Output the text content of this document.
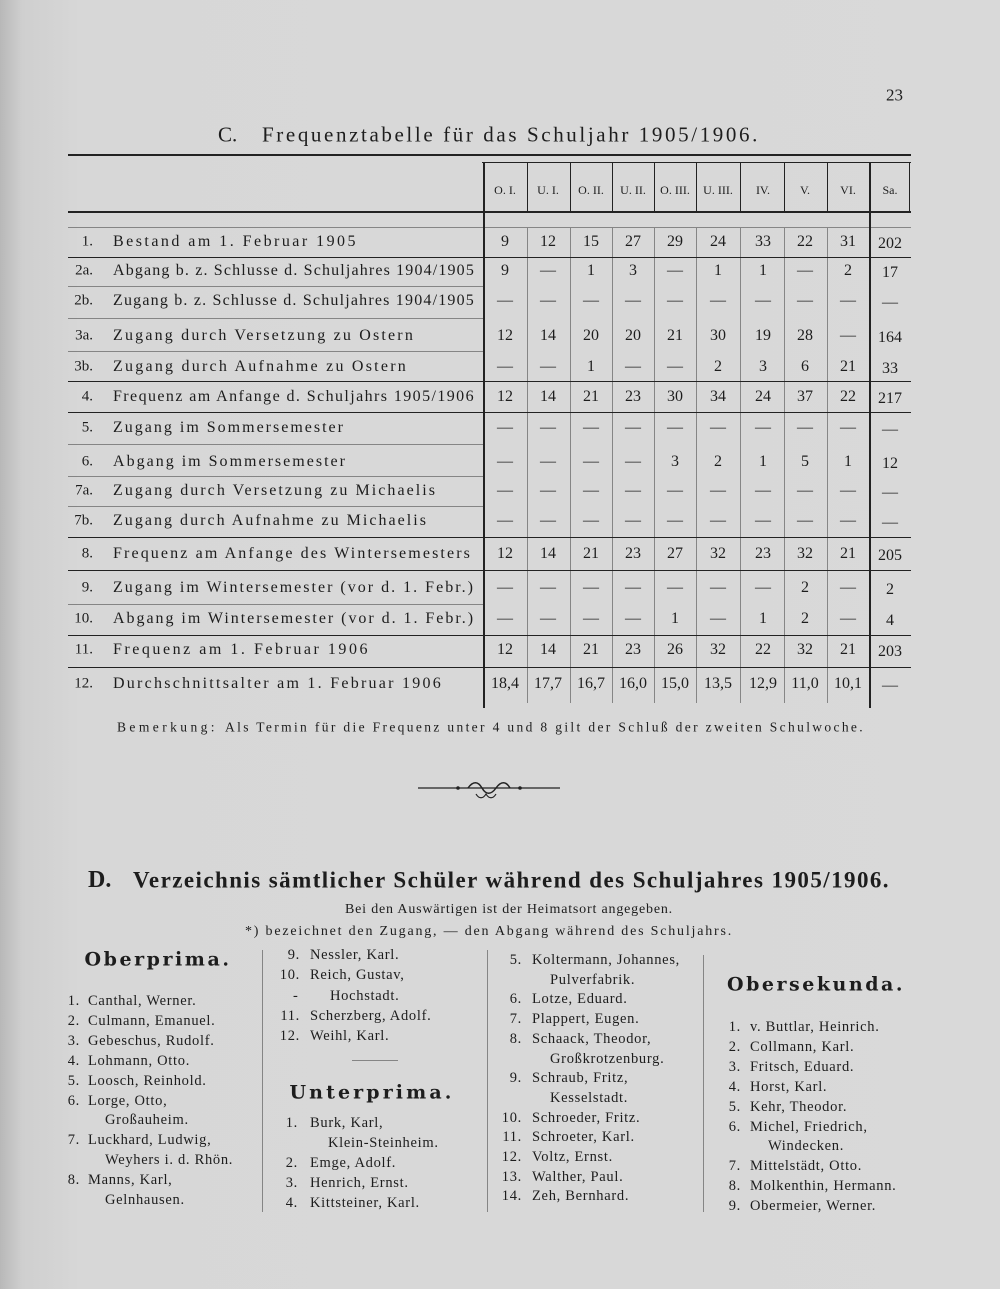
23
C. Frequenztabelle für das Schuljahr 1905/1906.
O. I. U. I. O. II. U. II. O. III. U. III. IV. V.	VI. Sa.
1. Bestand am 1. Februar 1905	9 12 15 27 29 24 33 22 31 202
2a. Abgang b. z. Schlusse d. Schuljahres 1904/1905 9 — 1 3 — 1 1 — 2 17
2b. Zugang b. z. Schlusse d. Schuljahres 1904/1905 — — — — — — — — — —
3a. Zugang durch Versetzung zu Ostern	12 14 20 20 21 30 19 28 — 164
3b. Zugang durch Aufnahme zu Ostern	— — 1 — — 2 3 6 21 33
4. Frequenz am Anfange d. Schuljahrs 1905/1906 12 14 21 23 30 34 24 37 22 217
5. Zugang im Sommersemester	— — — — — — — — — —
6. Abgang im Sommersemester	— — — — 3 2 1 5 1 12
7a. Zugang durch Versetzung zu Michaelis	— — — — — — — — — —
7b. Zugang durch Aufnahme zu Michaelis	— — — — — — — — — —
8. Frequenz am Anfange des Wintersemesters 12 14 21 23 27 32 23 32 21 205
9. Zugang im Wintersemester (vor d. 1. Febr.) — — — — — — — 2 — 2
10. Abgang im Wintersemester (vor d. 1. Febr.) — — — — 1 — 1 2 — 4
11. Frequenz am 1. Februar 1906	12 14 21 23 26 32 22 32 21 203
12. Durchschnittsalter am 1. Februar 1906	18,4 17,7 16,7 16,0 15,0 13,5 12,9 11,0 10,1 —
Bemerkung: Als Termin für die Frequenz unter 4 und 8 gilt der Schluß der zweiten Schulwoche.
D. Verzeichnis sämtlicher Schüler während des Schuljahres 1905/1906.
Bei den Auswärtigen ist der Heimatsort angegeben.
*) bezeichnet den Zugang, — den Abgang während des Schuljahrs.
Oberprima.
Unterprima.
Obersekunda.
1. Canthal, Werner.
2. Culmann, Emanuel.
3. Gebeschus, Rudolf.
4. Lohmann, Otto.
5. Loosch, Reinhold.
6. Lorge, Otto,
Großauheim.
7. Luckhard, Ludwig,
Weyhers i. d. Rhön.
8. Manns, Karl,
Gelnhausen.
9. Nessler, Karl.
10. Reich, Gustav,
- Hochstadt.
11. Scherzberg, Adolf.
12. Weihl, Karl.
1. Burk, Karl,
Klein-Steinheim.
2. Emge, Adolf.
3. Henrich, Ernst.
4. Kittsteiner, Karl.
5. Koltermann, Johannes,
Pulverfabrik.
6. Lotze, Eduard.
7. Plappert, Eugen.
8. Schaack, Theodor,
Großkrotzenburg.
9. Schraub, Fritz,
Kesselstadt.
10. Schroeder, Fritz.
11. Schroeter, Karl.
12. Voltz, Ernst.
13. Walther, Paul.
14. Zeh, Bernhard.
1. v. Buttlar, Heinrich.
2. Collmann, Karl.
3. Fritsch, Eduard.
4. Horst, Karl.
5. Kehr, Theodor.
6. Michel, Friedrich,
Windecken.
7. Mittelstädt, Otto.
8. Molkenthin, Hermann.
9. Obermeier, Werner.
